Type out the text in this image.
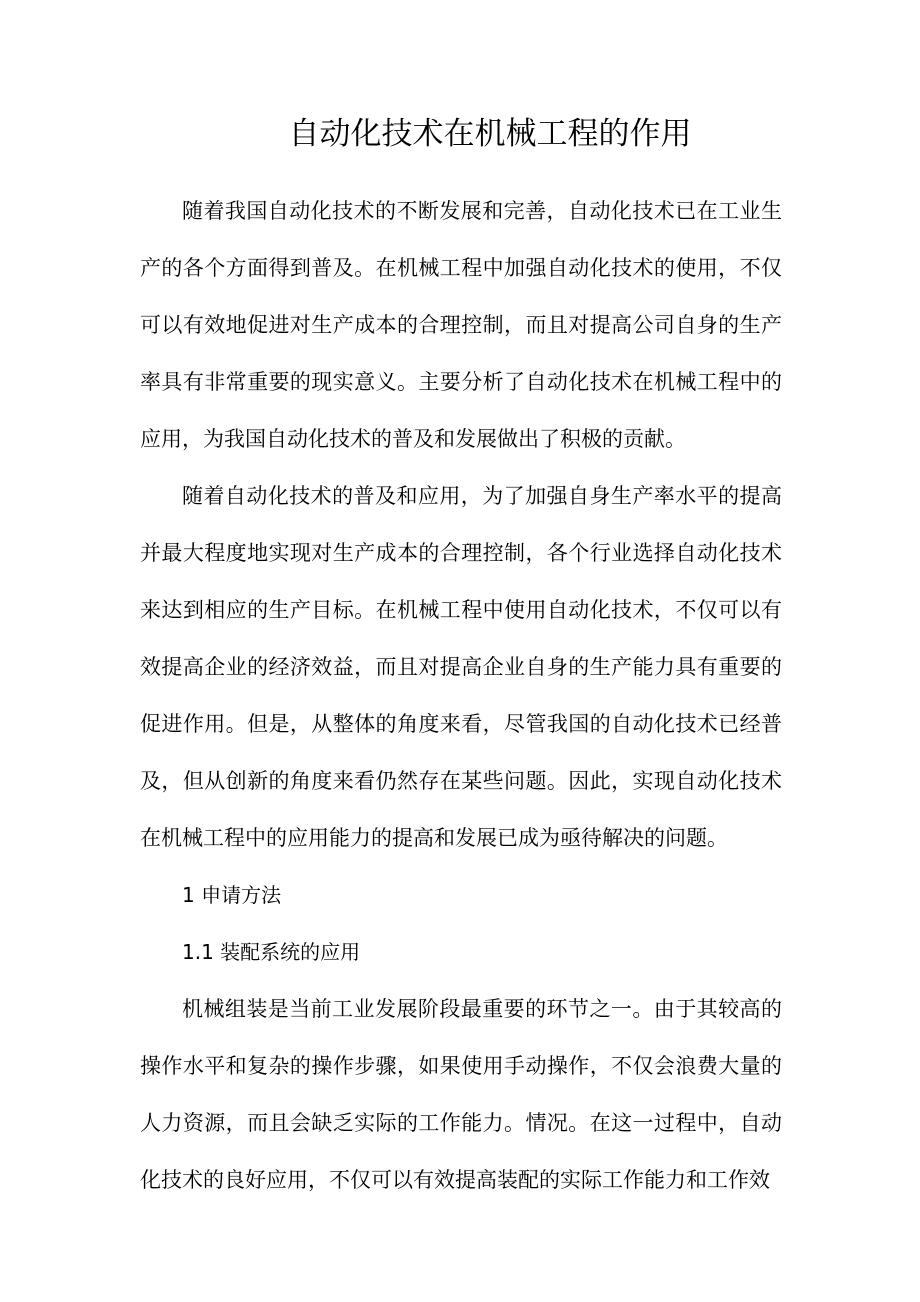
自动化技术在机械工程的作用

随着我国自动化技术的不断发展和完善，自动化技术已在工业生产的各个方面得到普及。在机械工程中加强自动化技术的使用，不仅可以有效地促进对生产成本的合理控制，而且对提高公司自身的生产率具有非常重要的现实意义。主要分析了自动化技术在机械工程中的应用，为我国自动化技术的普及和发展做出了积极的贡献。

随着自动化技术的普及和应用，为了加强自身生产率水平的提高并最大程度地实现对生产成本的合理控制，各个行业选择自动化技术来达到相应的生产目标。在机械工程中使用自动化技术，不仅可以有效提高企业的经济效益，而且对提高企业自身的生产能力具有重要的促进作用。但是，从整体的角度来看，尽管我国的自动化技术已经普及，但从创新的角度来看仍然存在某些问题。因此，实现自动化技术在机械工程中的应用能力的提高和发展已成为亟待解决的问题。

1 申请方法

1.1 装配系统的应用

机械组装是当前工业发展阶段最重要的环节之一。由于其较高的操作水平和复杂的操作步骤，如果使用手动操作，不仅会浪费大量的人力资源，而且会缺乏实际的工作能力。情况。在这一过程中，自动化技术的良好应用，不仅可以有效提高装配的实际工作能力和工作效
